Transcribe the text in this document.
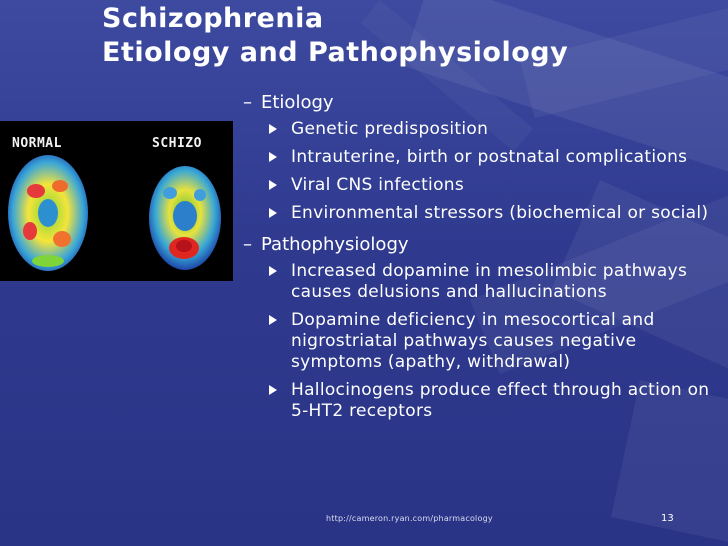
Schizophrenia
Etiology and Pathophysiology
NORMAL	SCHIZO
– Etiology
Genetic predisposition
Intrauterine, birth or postnatal complications
Viral CNS infections
Environmental stressors (biochemical or social)
– Pathophysiology
Increased dopamine in mesolimbic pathways causes delusions and hallucinations
Dopamine deficiency in mesocortical and nigrostriatal pathways causes negative symptoms (apathy, withdrawal)
Hallocinogens produce effect through action on 5-HT2 receptors
http://cameron.ryan.com/pharmacology	13
